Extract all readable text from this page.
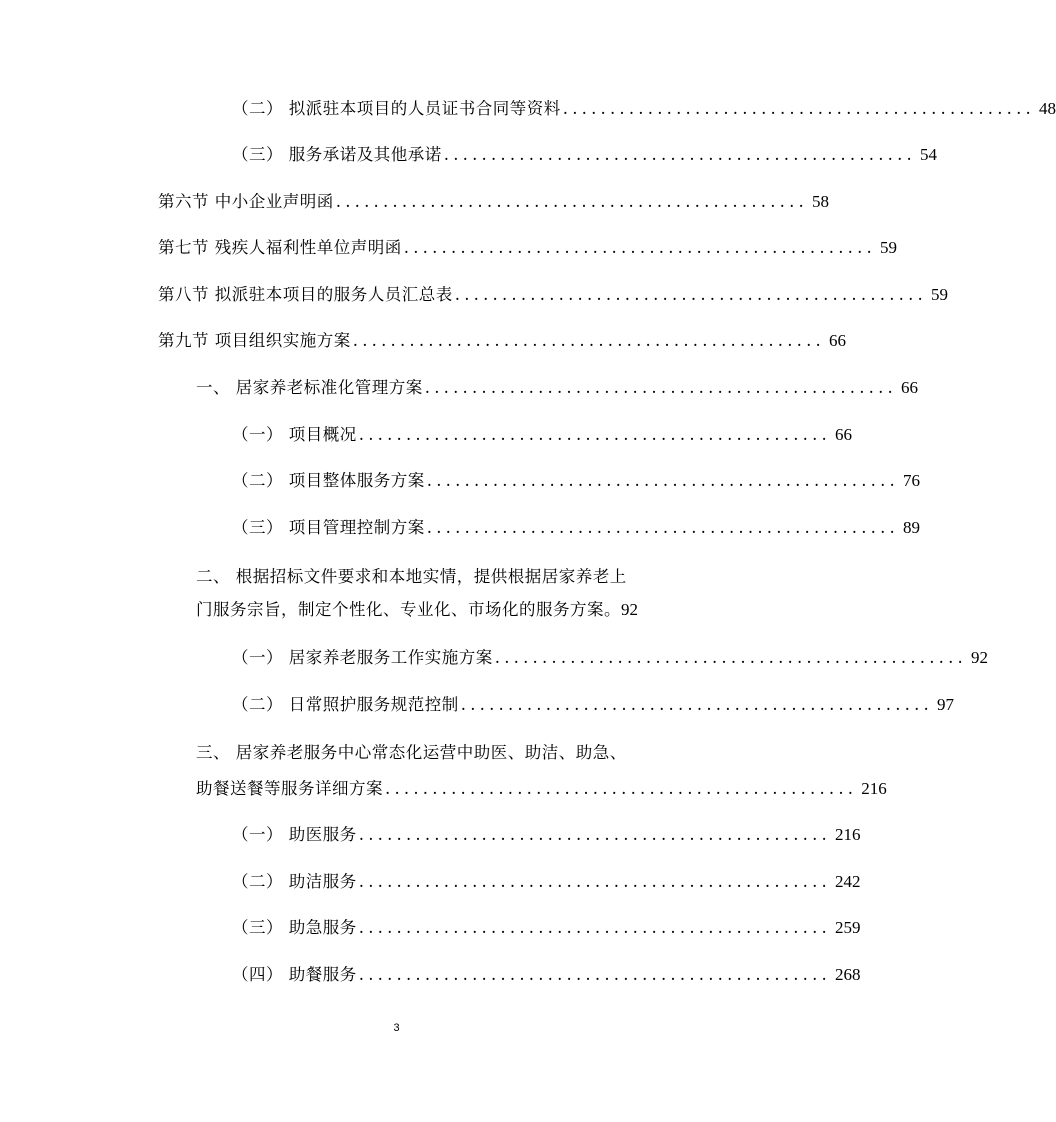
（二） 拟派驻本项目的人员证书合同等资料 .................................................. 48
（三） 服务承诺及其他承诺 .................................................. 54
第六节 中小企业声明函 .................................................. 58
第七节 残疾人福利性单位声明函 .................................................. 59
第八节 拟派驻本项目的服务人员汇总表 .................................................. 59
第九节 项目组织实施方案 .................................................. 66
一、 居家养老标准化管理方案 .................................................. 66
（一） 项目概况 .................................................. 66
（二） 项目整体服务方案 .................................................. 76
（三） 项目管理控制方案 .................................................. 89
二、 根据招标文件要求和本地实情，提供根据居家养老上
门服务宗旨，制定个性化、专业化、市场化的服务方案。 92
（一） 居家养老服务工作实施方案 .................................................. 92
（二） 日常照护服务规范控制 .................................................. 97
三、 居家养老服务中心常态化运营中助医、助洁、助急、
助餐送餐等服务详细方案 .................................................. 216
（一） 助医服务 .................................................. 216
（二） 助洁服务 .................................................. 242
（三） 助急服务 .................................................. 259
（四） 助餐服务 .................................................. 268
3
